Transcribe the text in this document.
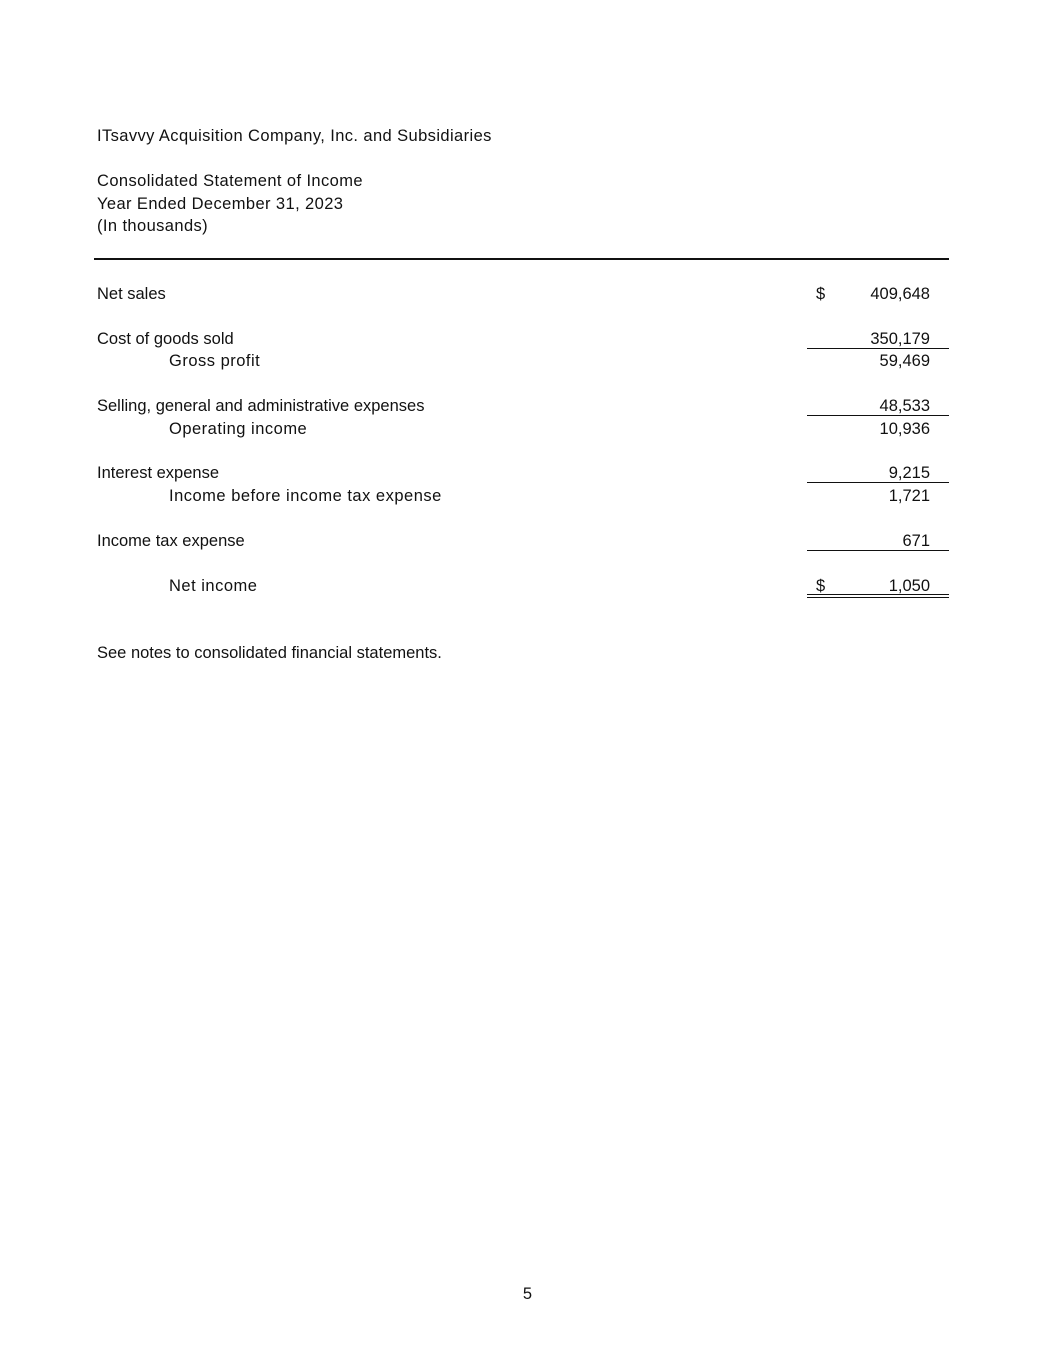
ITsavvy Acquisition Company, Inc. and Subsidiaries
Consolidated Statement of Income
Year Ended December 31, 2023
(In thousands)
Net sales	$	409,648
Cost of goods sold	350,179
Gross profit	59,469
Selling, general and administrative expenses	48,533
Operating income	10,936
Interest expense	9,215
Income before income tax expense	1,721
Income tax expense	671
Net income	$	1,050
See notes to consolidated financial statements.
5
